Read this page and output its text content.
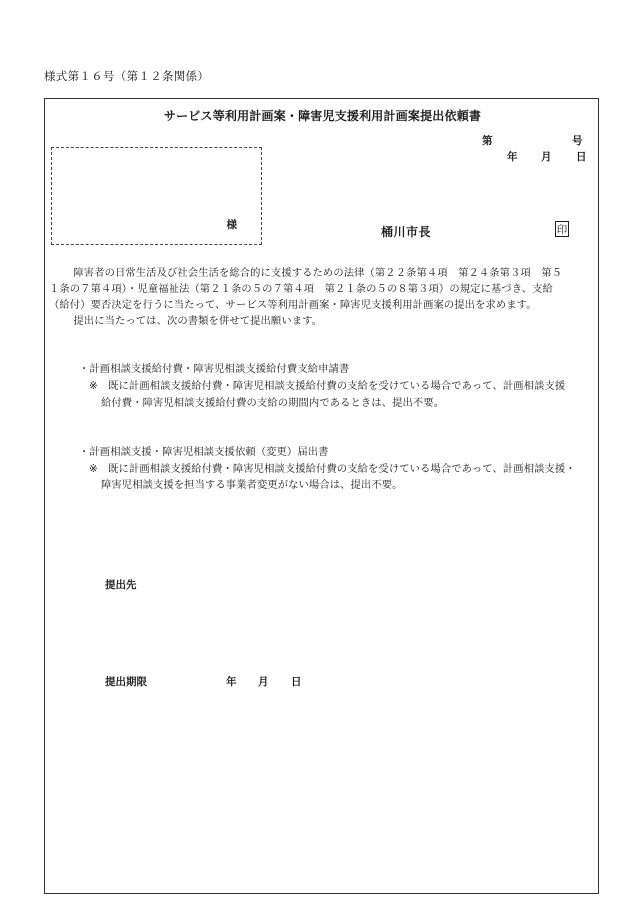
様式第１６号（第１２条関係）
サービス等利用計画案・障害児支援利用計画案提出依頼書
第	号
年 月 日
様	桶川市長	印
　障害者の日常生活及び社会生活を総合的に支援するための法律（第２２条第４項　第２４条第３項　第５
１条の７第４項）・児童福祉法（第２１条の５の７第４項　第２１条の５の８第３項）の規定に基づき、支給
（給付）要否決定を行うに当たって、サービス等利用計画案・障害児支援利用計画案の提出を求めます。
　提出に当たっては、次の書類を併せて提出願います。
・計画相談支援給付費・障害児相談支援給付費支給申請書
※　既に計画相談支援給付費・障害児相談支援給付費の支給を受けている場合であって、計画相談支援
給付費・障害児相談支援給付費の支給の期間内であるときは、提出不要。
・計画相談支援・障害児相談支援依頼（変更）届出書
※　既に計画相談支援給付費・障害児相談支援給付費の支給を受けている場合であって、計画相談支援・
障害児相談支援を担当する事業者変更がない場合は、提出不要。
提出先
提出期限	年 月 日
